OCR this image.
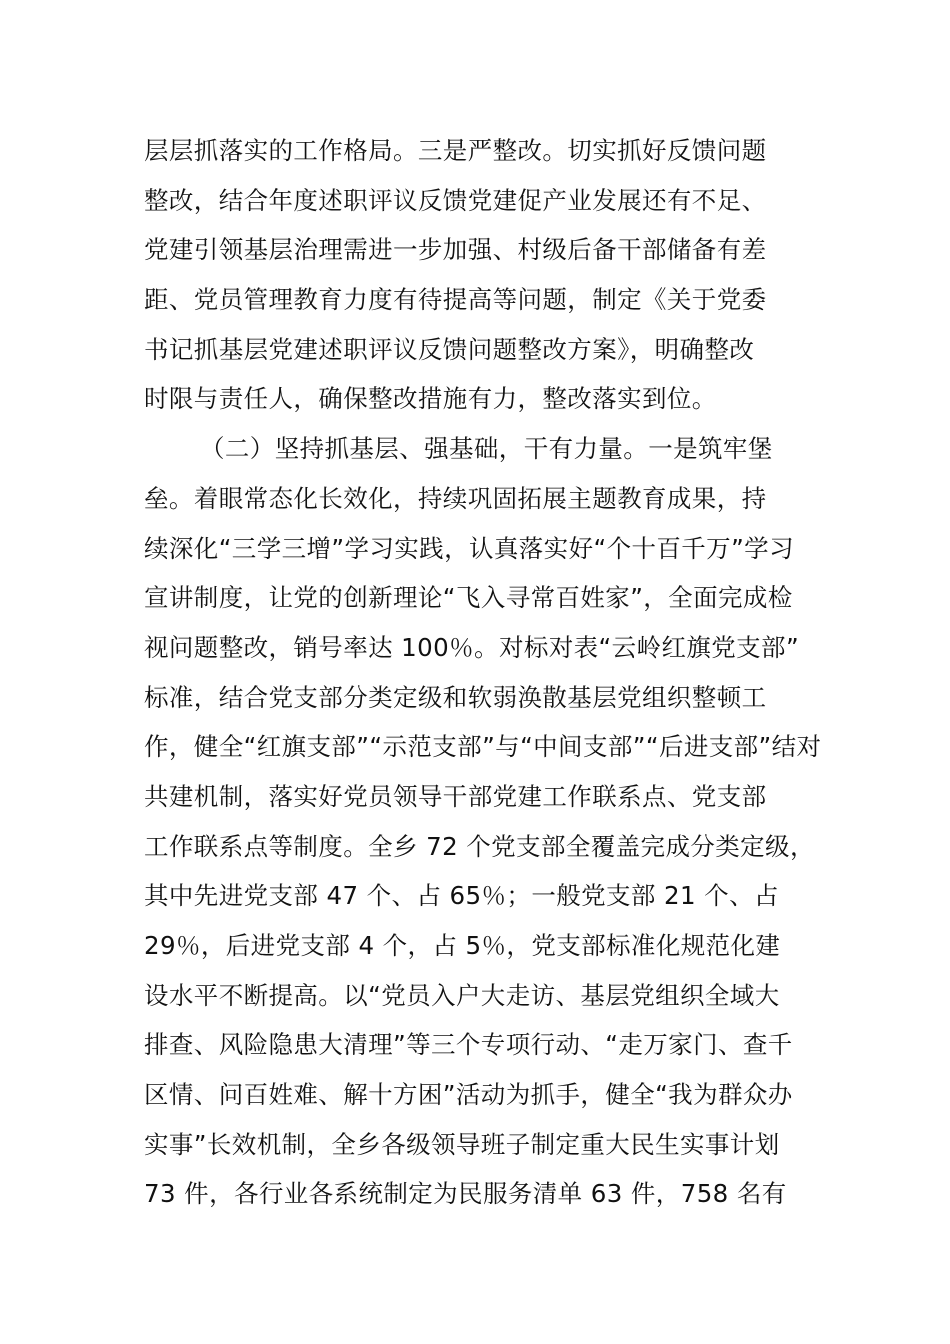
层层抓落实的工作格局。三是严整改。切实抓好反馈问题
整改，结合年度述职评议反馈党建促产业发展还有不足、
党建引领基层治理需进一步加强、村级后备干部储备有差
距、党员管理教育力度有待提高等问题，制定《关于党委
书记抓基层党建述职评议反馈问题整改方案》，明确整改
时限与责任人，确保整改措施有力，整改落实到位。
（二）坚持抓基层、强基础，干有力量。一是筑牢堡
垒。着眼常态化长效化，持续巩固拓展主题教育成果，持
续深化“三学三增”学习实践，认真落实好“个十百千万”学习
宣讲制度，让党的创新理论“飞入寻常百姓家”，全面完成检
视问题整改，销号率达 100％。对标对表“云岭红旗党支部”
标准，结合党支部分类定级和软弱涣散基层党组织整顿工
作，健全“红旗支部”“示范支部”与“中间支部”“后进支部”结对
共建机制，落实好党员领导干部党建工作联系点、党支部
工作联系点等制度。全乡 72 个党支部全覆盖完成分类定级，
其中先进党支部 47 个、占 65％；一般党支部 21 个、占
29％，后进党支部 4 个，占 5％，党支部标准化规范化建
设水平不断提高。以“党员入户大走访、基层党组织全域大
排查、风险隐患大清理”等三个专项行动、“走万家门、查千
区情、问百姓难、解十方困”活动为抓手，健全“我为群众办
实事”长效机制，全乡各级领导班子制定重大民生实事计划
73 件，各行业各系统制定为民服务清单 63 件，758 名有
